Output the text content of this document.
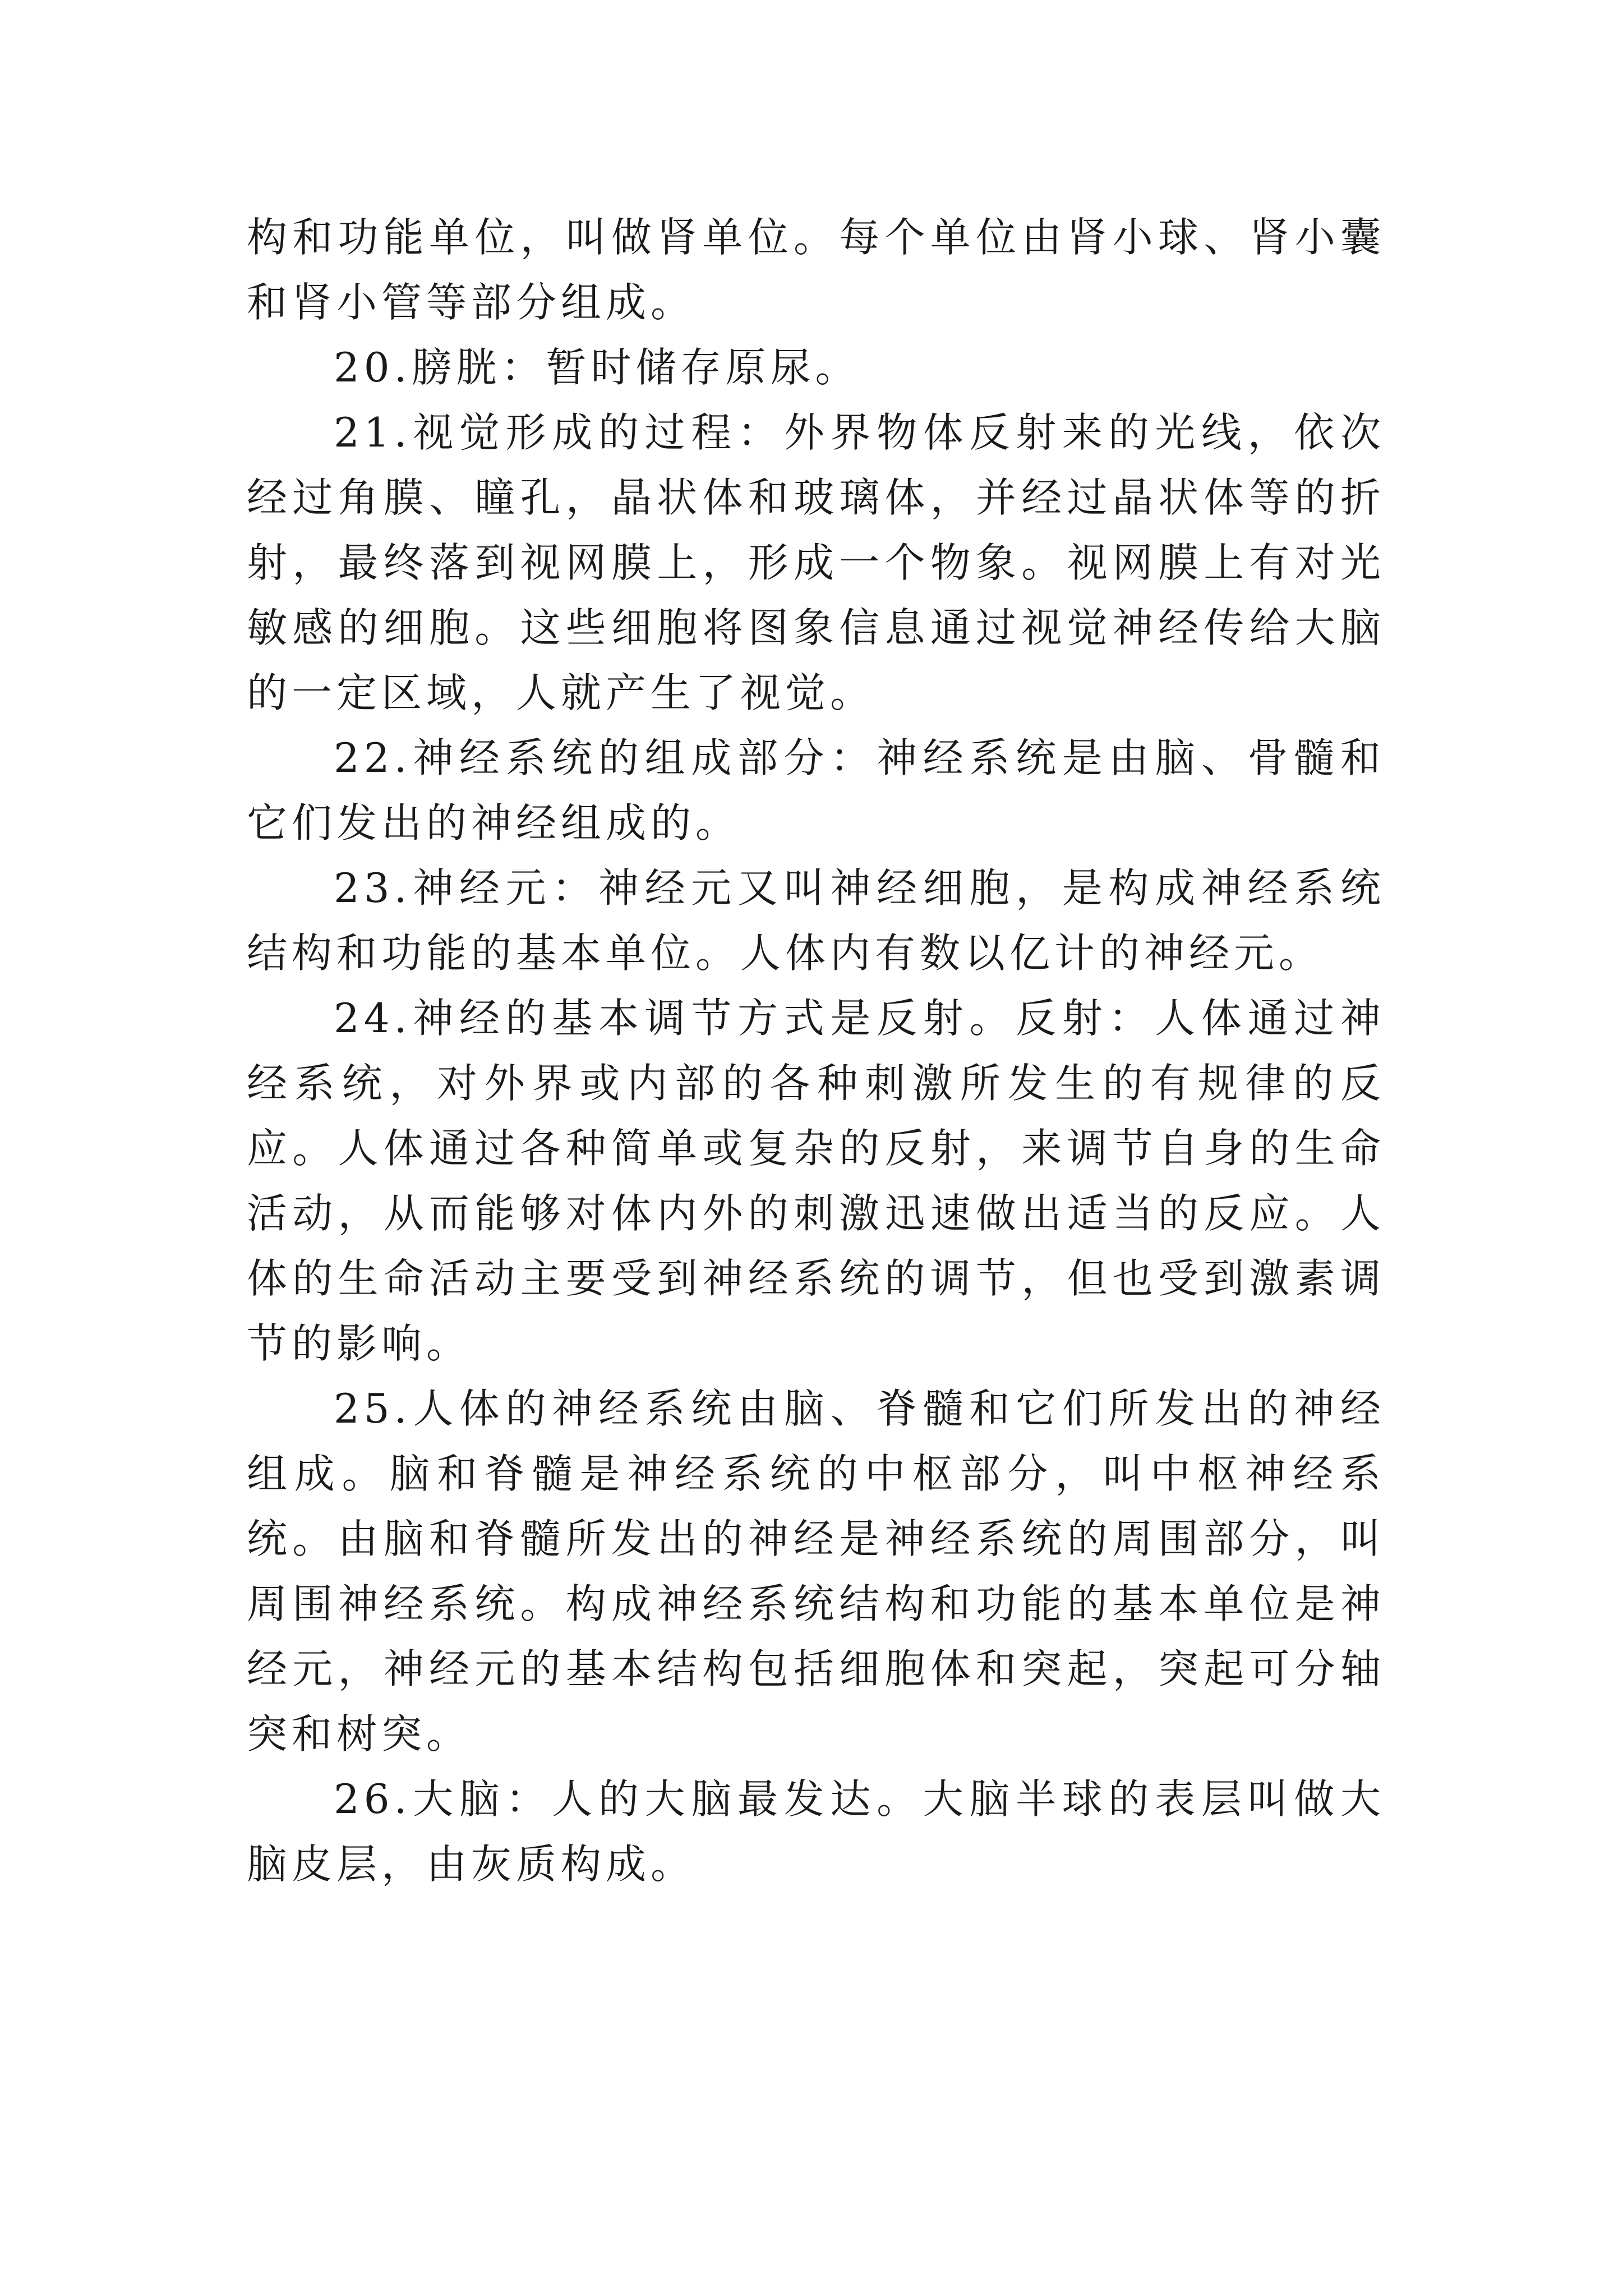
构和功能单位，叫做肾单位。每个单位由肾小球、肾小囊和肾小管等部分组成。

20.膀胱：暂时储存原尿。

21.视觉形成的过程：外界物体反射来的光线，依次经过角膜、瞳孔，晶状体和玻璃体，并经过晶状体等的折射，最终落到视网膜上，形成一个物象。视网膜上有对光敏感的细胞。这些细胞将图象信息通过视觉神经传给大脑的一定区域，人就产生了视觉。

22.神经系统的组成部分：神经系统是由脑、骨髓和它们发出的神经组成的。

23.神经元：神经元又叫神经细胞，是构成神经系统结构和功能的基本单位。人体内有数以亿计的神经元。

24.神经的基本调节方式是反射。反射：人体通过神经系统，对外界或内部的各种刺激所发生的有规律的反应。人体通过各种简单或复杂的反射，来调节自身的生命活动，从而能够对体内外的刺激迅速做出适当的反应。人体的生命活动主要受到神经系统的调节，但也受到激素调节的影响。

25.人体的神经系统由脑、脊髓和它们所发出的神经组成。脑和脊髓是神经系统的中枢部分，叫中枢神经系统。由脑和脊髓所发出的神经是神经系统的周围部分，叫周围神经系统。构成神经系统结构和功能的基本单位是神经元，神经元的基本结构包括细胞体和突起，突起可分轴突和树突。

26.大脑：人的大脑最发达。大脑半球的表层叫做大脑皮层，由灰质构成。
